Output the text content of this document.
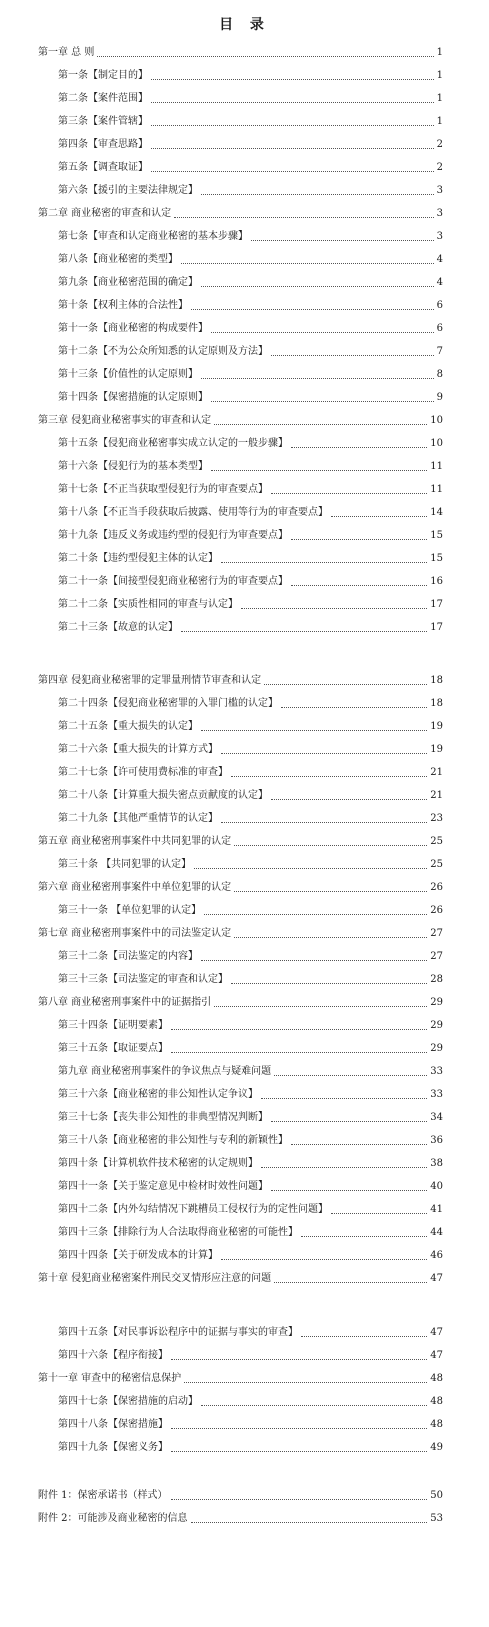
目 录
第一章 总 则	1
第一条【制定目的】	1
第二条【案件范围】	1
第三条【案件管辖】	1
第四条【审查思路】	2
第五条【调查取证】	2
第六条【援引的主要法律规定】	3
第二章 商业秘密的审查和认定	3
第七条【审查和认定商业秘密的基本步骤】	3
第八条【商业秘密的类型】	4
第九条【商业秘密范围的确定】	4
第十条【权利主体的合法性】	6
第十一条【商业秘密的构成要件】	6
第十二条【不为公众所知悉的认定原则及方法】	7
第十三条【价值性的认定原则】	8
第十四条【保密措施的认定原则】	9
第三章 侵犯商业秘密事实的审查和认定	10
第十五条【侵犯商业秘密事实成立认定的一般步骤】	10
第十六条【侵犯行为的基本类型】	11
第十七条【不正当获取型侵犯行为的审查要点】	11
第十八条【不正当手段获取后披露、使用等行为的审查要点】	14
第十九条【违反义务或违约型的侵犯行为审查要点】	15
第二十条【违约型侵犯主体的认定】	15
第二十一条【间接型侵犯商业秘密行为的审查要点】	16
第二十二条【实质性相同的审查与认定】	17
第二十三条【故意的认定】	17
第四章 侵犯商业秘密罪的定罪量刑情节审查和认定	18
第二十四条【侵犯商业秘密罪的入罪门槛的认定】	18
第二十五条【重大损失的认定】	19
第二十六条【重大损失的计算方式】	19
第二十七条【许可使用费标准的审查】	21
第二十八条【计算重大损失密点贡献度的认定】	21
第二十九条【其他严重情节的认定】	23
第五章 商业秘密刑事案件中共同犯罪的认定	25
第三十条 【共同犯罪的认定】	25
第六章 商业秘密刑事案件中单位犯罪的认定	26
第三十一条 【单位犯罪的认定】	26
第七章 商业秘密刑事案件中的司法鉴定认定	27
第三十二条【司法鉴定的内容】	27
第三十三条【司法鉴定的审查和认定】	28
第八章 商业秘密刑事案件中的证据指引	29
第三十四条【证明要素】	29
第三十五条【取证要点】	29
第九章 商业秘密刑事案件的争议焦点与疑难问题	33
第三十六条【商业秘密的非公知性认定争议】	33
第三十七条【丧失非公知性的非典型情况判断】	34
第三十八条【商业秘密的非公知性与专利的新颖性】	36
第四十条【计算机软件技术秘密的认定规则】	38
第四十一条【关于鉴定意见中检材时效性问题】	40
第四十二条【内外勾结情况下跳槽员工侵权行为的定性问题】	41
第四十三条【排除行为人合法取得商业秘密的可能性】	44
第四十四条【关于研发成本的计算】	46
第十章 侵犯商业秘密案件刑民交叉情形应注意的问题	47
第四十五条【对民事诉讼程序中的证据与事实的审查】	47
第四十六条【程序衔接】	47
第十一章 审查中的秘密信息保护	48
第四十七条【保密措施的启动】	48
第四十八条【保密措施】	48
第四十九条【保密义务】	49
附件 1：保密承诺书（样式）	50
附件 2：可能涉及商业秘密的信息	53
